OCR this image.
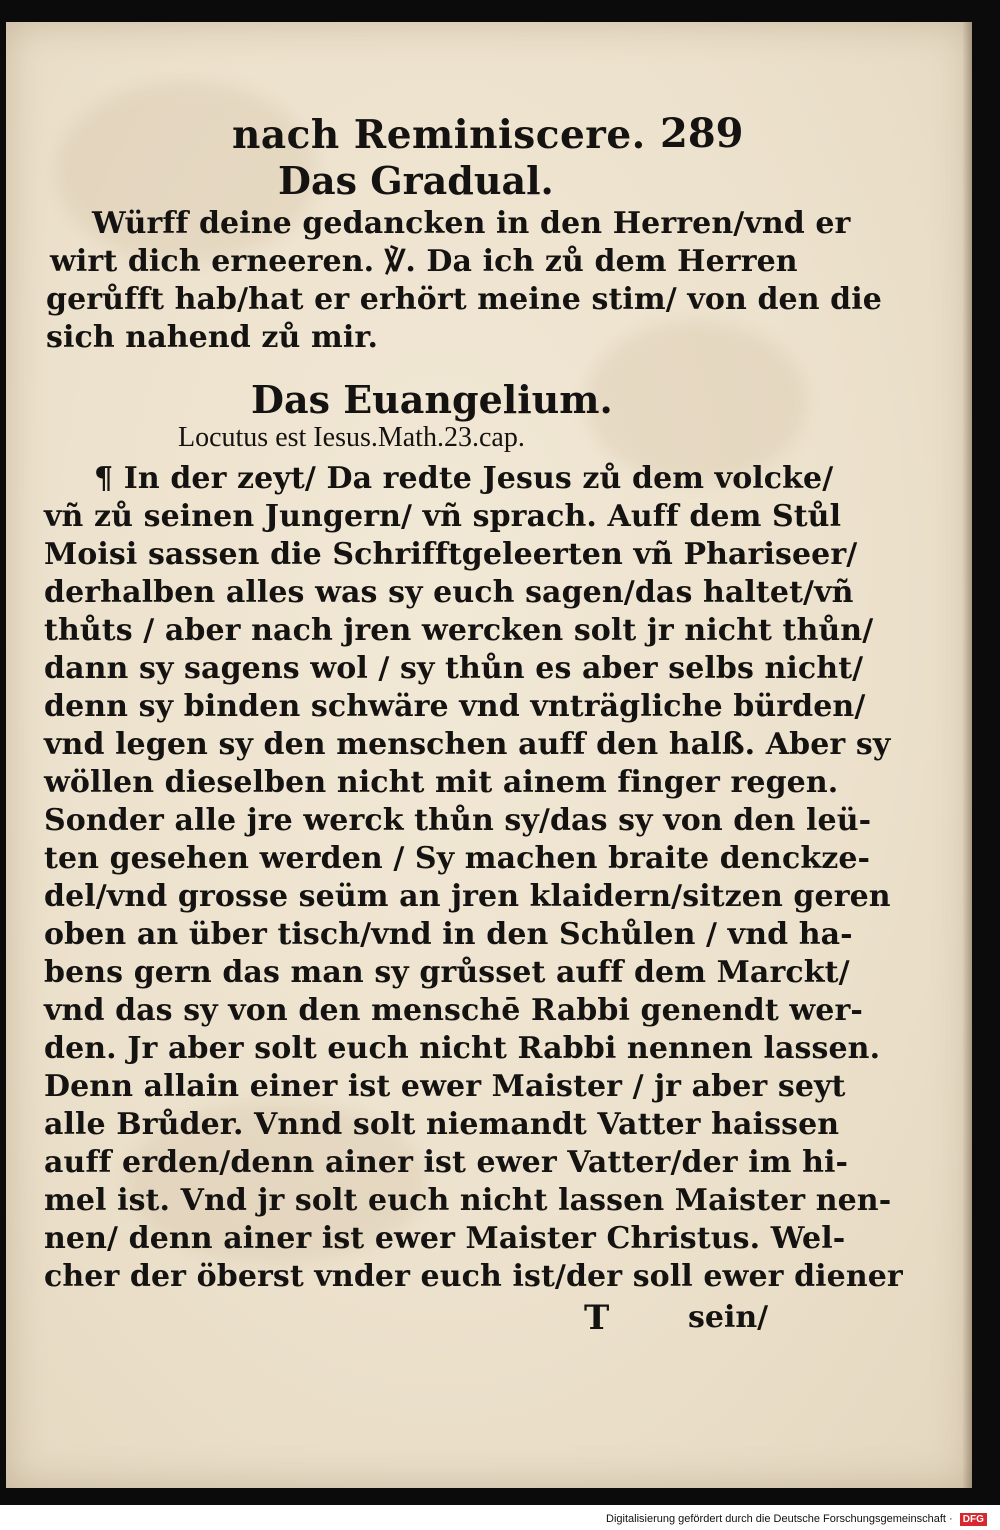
nach Reminiscere. 289
Das Gradual.
Würff deine gedancken in den Herren/vnd er
wirt dich erneeren. ℣. Da ich zů dem Herren
gerůfft hab/hat er erhört meine stim/ von den die
sich nahend zů mir.
Das Euangelium.
Locutus est Iesus.Math.23.cap.
¶ In der zeyt/ Da redte Jesus zů dem volcke/
vñ zů seinen Jungern/ vñ sprach. Auff dem Stůl
Moisi sassen die Schrifftgeleerten vñ Phariseer/
derhalben alles was sy euch sagen/das haltet/vñ
thůts / aber nach jren wercken solt jr nicht thůn/
dann sy sagens wol / sy thůn es aber selbs nicht/
denn sy binden schwäre vnd vnträgliche bürden/
vnd legen sy den menschen auff den halß. Aber sy
wöllen dieselben nicht mit ainem finger regen.
Sonder alle jre werck thůn sy/das sy von den leü-
ten gesehen werden / Sy machen braite denckze-
del/vnd grosse seüm an jren klaidern/sitzen geren
oben an über tisch/vnd in den Schůlen / vnd ha-
bens gern das man sy grůsset auff dem Marckt/
vnd das sy von den menschē Rabbi genendt wer-
den. Jr aber solt euch nicht Rabbi nennen lassen.
Denn allain einer ist ewer Maister / jr aber seyt
alle Brůder. Vnnd solt niemandt Vatter haissen
auff erden/denn ainer ist ewer Vatter/der im hi-
mel ist. Vnd jr solt euch nicht lassen Maister nen-
nen/ denn ainer ist ewer Maister Christus. Wel-
cher der öberst vnder euch ist/der soll ewer diener
T	sein/
Digitalisierung gefördert durch die Deutsche Forschungsgemeinschaft · DFG
